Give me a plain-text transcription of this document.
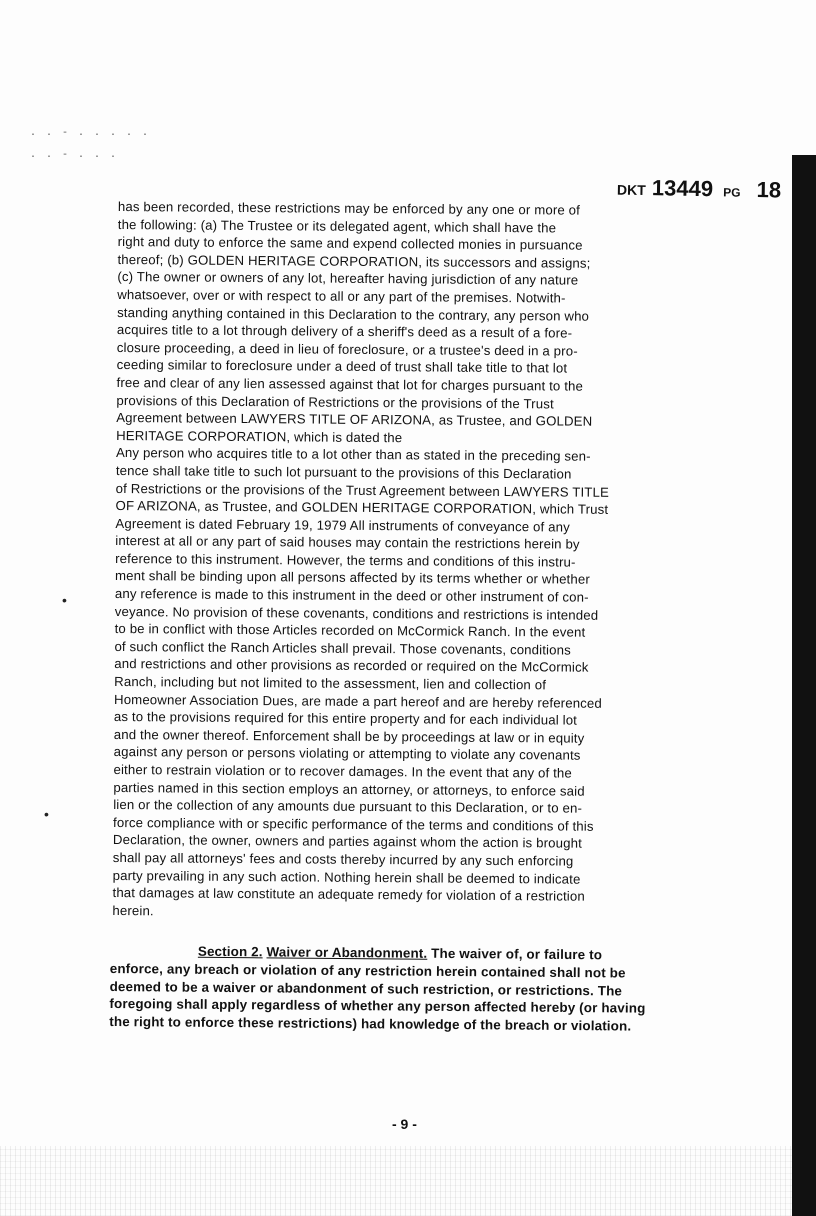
. . - . . . . .
. . - . . .
DKT 13449 PG 18
•
•
has been recorded, these restrictions may be enforced by any one or more of
the following: (a) The Trustee or its delegated agent, which shall have the
right and duty to enforce the same and expend collected monies in pursuance
thereof; (b) GOLDEN HERITAGE CORPORATION, its successors and assigns;
(c) The owner or owners of any lot, hereafter having jurisdiction of any nature
whatsoever, over or with respect to all or any part of the premises. Notwith-
standing anything contained in this Declaration to the contrary, any person who
acquires title to a lot through delivery of a sheriff's deed as a result of a fore-
closure proceeding, a deed in lieu of foreclosure, or a trustee's deed in a pro-
ceeding similar to foreclosure under a deed of trust shall take title to that lot
free and clear of any lien assessed against that lot for charges pursuant to the
provisions of this Declaration of Restrictions or the provisions of the Trust
Agreement between LAWYERS TITLE OF ARIZONA, as Trustee, and GOLDEN
HERITAGE CORPORATION, which is dated the
Any person who acquires title to a lot other than as stated in the preceding sen-
tence shall take title to such lot pursuant to the provisions of this Declaration
of Restrictions or the provisions of the Trust Agreement between LAWYERS TITLE
OF ARIZONA, as Trustee, and GOLDEN HERITAGE CORPORATION, which Trust
Agreement is dated February 19, 1979 All instruments of conveyance of any
interest at all or any part of said houses may contain the restrictions herein by
reference to this instrument. However, the terms and conditions of this instru-
ment shall be binding upon all persons affected by its terms whether or whether
any reference is made to this instrument in the deed or other instrument of con-
veyance. No provision of these covenants, conditions and restrictions is intended
to be in conflict with those Articles recorded on McCormick Ranch. In the event
of such conflict the Ranch Articles shall prevail. Those covenants, conditions
and restrictions and other provisions as recorded or required on the McCormick
Ranch, including but not limited to the assessment, lien and collection of
Homeowner Association Dues, are made a part hereof and are hereby referenced
as to the provisions required for this entire property and for each individual lot
and the owner thereof. Enforcement shall be by proceedings at law or in equity
against any person or persons violating or attempting to violate any covenants
either to restrain violation or to recover damages. In the event that any of the
parties named in this section employs an attorney, or attorneys, to enforce said
lien or the collection of any amounts due pursuant to this Declaration, or to en-
force compliance with or specific performance of the terms and conditions of this
Declaration, the owner, owners and parties against whom the action is brought
shall pay all attorneys' fees and costs thereby incurred by any such enforcing
party prevailing in any such action. Nothing herein shall be deemed to indicate
that damages at law constitute an adequate remedy for violation of a restriction
herein.
Section 2. Waiver or Abandonment. The waiver of, or failure to
enforce, any breach or violation of any restriction herein contained shall not be
deemed to be a waiver or abandonment of such restriction, or restrictions. The
foregoing shall apply regardless of whether any person affected hereby (or having
the right to enforce these restrictions) had knowledge of the breach or violation.
- 9 -
